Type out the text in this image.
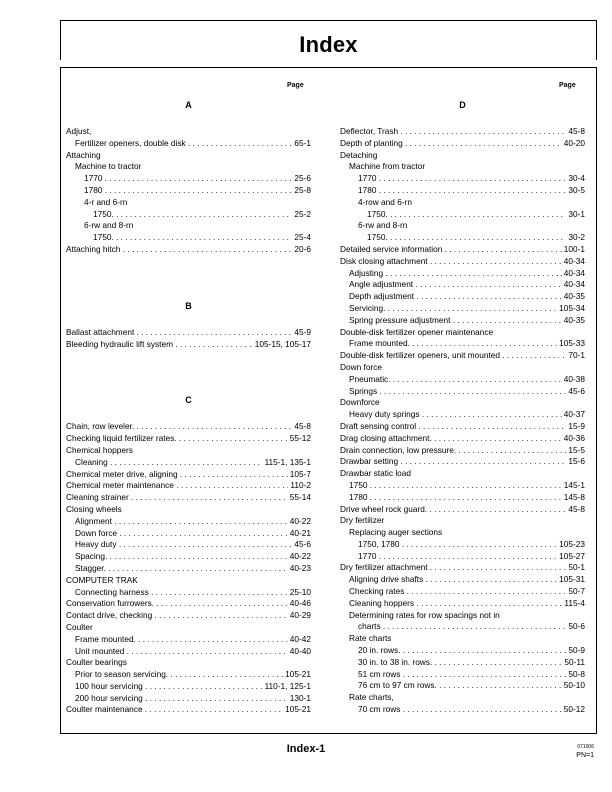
Index
Page	Page
A
Adjust,
Fertilizer openers, double disk . . .	65-1
Attaching
Machine to tractor
1770 . . .	25-6
1780 . . .	25-8
4-r and 6-rn
1750. . . .	25-2
6-rw and 8-rn
1750. . . .	25-4
Attaching hitch . . .	20-6
B
Ballast attachment . . .	45-9
Bleeding hydraulic lift system . . .	105-15, 105-17
C
Chain, row leveler. . . .	45-8
Checking liquid fertilizer rates. . . .	55-12
Chemical hoppers
Cleaning . . .	115-1, 135-1
Chemical meter drive, aligning . . .	105-7
Chemical meter maintenance . . .	110-2
Cleaning strainer . . .	55-14
Closing wheels
Alignment . . .	40-22
Down force . . .	40-21
Heavy duty . . .	45-6
Spacing. . . .	40-22
Stagger. . . .	40-23
COMPUTER TRAK
Connecting harness . . .	25-10
Conservation furrowers. . . .	40-46
Contact drive, checking . . .	40-29
Coulter
Frame mounted. . . .	40-42
Unit mounted . . .	40-40
Coulter bearings
Prior to season servicing. . . .	105-21
100 hour servicing . . .	110-1, 125-1
200 hour servicing . . .	130-1
Coulter maintenance . . .	105-21
D
Deflector, Trash . . .	45-8
Depth of planting . . .	40-20
Detaching
Machine from tractor
1770 . . .	30-4
1780 . . .	30-5
4-row and 6-rn
1750. . . .	30-1
6-rw and 8-rn
1750. . . .	30-2
Detailed service information . . .	100-1
Disk closing attachment . . .	40-34
Adjusting . . .	40-34
Angle adjustment . . .	40-34
Depth adjustment . . .	40-35
Servicing. . . .	105-34
Spring pressure adjustment . . .	40-35
Double-disk fertilizer opener maintenance
Frame mounted. . . .	105-33
Double-disk fertilizer openers, unit mounted . . .	70-1
Down force
Pneumatic. . . .	40-38
Springs . . .	45-6
Downforce
Heavy duty springs . . .	40-37
Draft sensing control . . .	15-9
Drag closing attachment. . . .	40-36
Drain connection, low pressure. . . .	15-5
Drawbar setting . . .	15-6
Drawbar static load
1750 . . .	145-1
1780 . . .	145-8
Drive wheel rock guard. . . .	45-8
Dry fertilizer
Replacing auger sections
1750, 1780 . . .	105-23
1770 . . .	105-27
Dry fertilizer attachment . . .	50-1
Aligning drive shafts . . .	105-31
Checking rates . . .	50-7
Cleaning hoppers . . .	115-4
Determining rates for row spacings not in
charts . . .	50-6
Rate charts
20 in. rows. . . .	50-9
30 in. to 38 in. rows. . . .	50-11
51 cm rows . . .	50-8
76 cm to 97 cm rows. . . .	50-10
Rate charts,
70 cm rows . . .	50-12
Index-1	071006
PN=1
